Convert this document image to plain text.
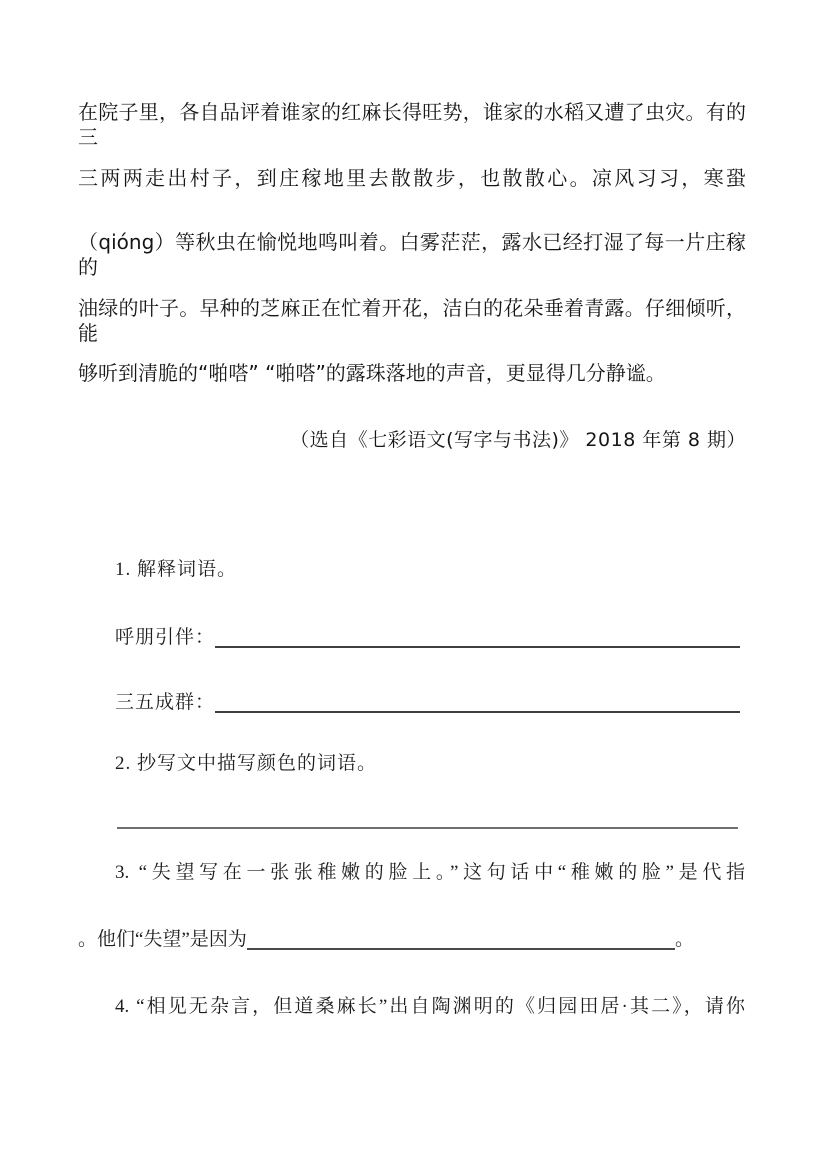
在院子里，各自品评着谁家的红麻长得旺势，谁家的水稻又遭了虫灾。有的三
三两两走出村子，到庄稼地里去散散步，也散散心。凉风习习，寒蛩
（qióng）等秋虫在愉悦地鸣叫着。白雾茫茫，露水已经打湿了每一片庄稼的
油绿的叶子。早种的芝麻正在忙着开花，洁白的花朵垂着青露。仔细倾听，能
够听到清脆的“啪嗒” “啪嗒”的露珠落地的声音，更显得几分静谧。
（选自《七彩语文(写字与书法)》 2018 年第 8 期）
1. 解释词语。
呼朋引伴：
三五成群：
2. 抄写文中描写颜色的词语。
3. “失望写在一张张稚嫩的脸上。”这句话中“稚嫩的脸”是代指
。他们“失望”是因为	。
4. “相见无杂言，但道桑麻长”出自陶渊明的《归园田居·其二》，请你
